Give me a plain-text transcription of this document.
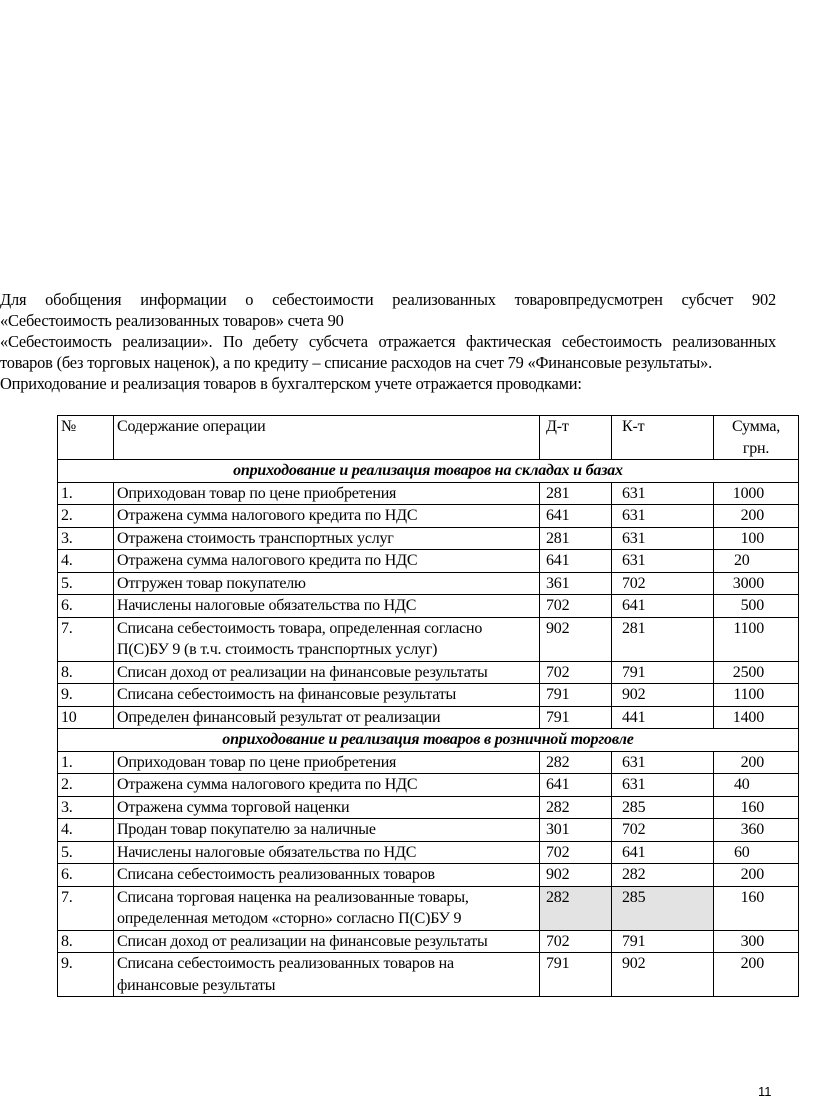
Для обобщения информации о себестоимости реализованных товаровпредусмотрен субсчет 902

«Себестоимость реализованных товаров» счета 90

«Себестоимость реализации». По дебету субсчета отражается фактическая себестоимость реализованных товаров (без торговых наценок), а по кредиту – списание расходов на счет 79 «Финансовые результаты».

Оприходование и реализация товаров в бухгалтерском учете отражается проводками:

№	Содержание операции	Д-т	К-т	Сумма, грн.
оприходование и реализация товаров на складах и базах				
1.	Оприходован товар по цене приобретения	281	631	1000
2.	Отражена сумма налогового кредита по НДС	641	631	200
3.	Отражена стоимость транспортных услуг	281	631	100
4.	Отражена сумма налогового кредита по НДС	641	631	20
5.	Отгружен товар покупателю	361	702	3000
6.	Начислены налоговые обязательства по НДС	702	641	500
7.	Списана себестоимость товара, определенная согласно П(С)БУ 9 (в т.ч. стоимость транспортных услуг)	902	281	1100
8.	Списан доход от реализации на финансовые результаты	702	791	2500
9.	Списана себестоимость на финансовые результаты	791	902	1100
10	Определен финансовый результат от реализации	791	441	1400
оприходование и реализация товаров в розничной торговле				
1.	Оприходован товар по цене приобретения	282	631	200
2.	Отражена сумма налогового кредита по НДС	641	631	40
3.	Отражена сумма торговой наценки	282	285	160
4.	Продан товар покупателю за наличные	301	702	360
5.	Начислены налоговые обязательства по НДС	702	641	60
6.	Списана себестоимость реализованных товаров	902	282	200
7.	Списана торговая наценка на реализованные товары, определенная методом «сторно» согласно П(С)БУ 9	282	285	160
8.	Списан доход от реализации на финансовые результаты	702	791	300
9.	Списана себестоимость реализованных товаров на финансовые результаты	791	902	200
11
